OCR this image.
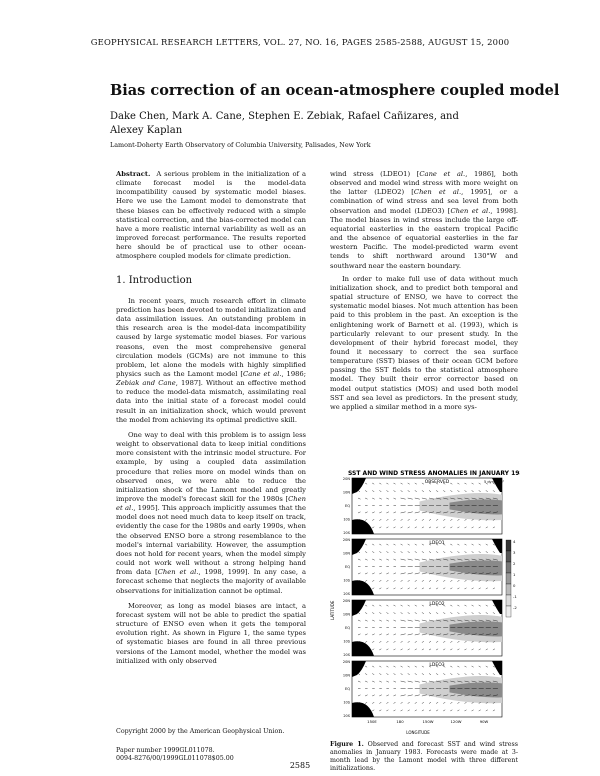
GEOPHYSICAL RESEARCH LETTERS, VOL. 27, NO. 16, PAGES 2585-2588, AUGUST 15, 2000
Bias correction of an ocean-atmosphere coupled model
Dake Chen, Mark A. Cane, Stephen E. Zebiak, Rafael Cañizares, and Alexey Kaplan
Lamont-Doherty Earth Observatory of Columbia University, Palisades, New York

Abstract. A serious problem in the initialization of a climate forecast model is the model-data incompatibility caused by systematic model biases. Here we use the Lamont model to demonstrate that these biases can be effectively reduced with a simple statistical correction, and the bias-corrected model can have a more realistic internal variability as well as an improved forecast performance. The results reported here should be of practical use to other ocean-atmosphere coupled models for climate prediction.

1. Introduction

In recent years, much research effort in climate prediction has been devoted to model initialization and data assimilation issues. An outstanding problem in this research area is the model-data incompatibility caused by large systematic model biases. For various reasons, even the most comprehensive general circulation models (GCMs) are not immune to this problem, let alone the models with highly simplified physics such as the Lamont model [Cane et al., 1986; Zebiak and Cane, 1987]. Without an effective method to reduce the model-data mismatch, assimilating real data into the initial state of a forecast model could result in an initialization shock, which would prevent the model from achieving its optimal predictive skill.

One way to deal with this problem is to assign less weight to observational data to keep initial conditions more consistent with the intrinsic model structure. For example, by using a coupled data assimilation procedure that relies more on model winds than on observed ones, we were able to reduce the initialization shock of the Lamont model and greatly improve the model's forecast skill for the 1980s [Chen et al., 1995]. This approach implicitly assumes that the model does not need much data to keep itself on track, evidently the case for the 1980s and early 1990s, when the observed ENSO bore a strong resemblance to the model's internal variability. However, the assumption does not hold for recent years, when the model simply could not work well without a strong helping hand from data [Chen et al., 1998, 1999]. In any case, a forecast scheme that neglects the majority of available observations for initialization cannot be optimal.

Moreover, as long as model biases are intact, a forecast system will not be able to predict the spatial structure of ENSO even when it gets the temporal evolution right. As shown in Figure 1, the same types of systematic biases are found in all three previous versions of the Lamont model, whether the model was initialized with only observed

wind stress (LDEO1) [Cane et al., 1986], both observed and model wind stress with more weight on the latter (LDEO2) [Chen et al., 1995], or a combination of wind stress and sea level from both observation and model (LDEO3) [Chen et al., 1998]. The model biases in wind stress include the large off-equatorial easterlies in the eastern tropical Pacific and the absence of equatorial easterlies in the far western Pacific. The model-predicted warm event tends to shift northward around 130°W and southward near the eastern boundary.

In order to make full use of data without much initialization shock, and to predict both temporal and spatial structure of ENSO, we have to correct the systematic model biases. Not much attention has been paid to this problem in the past. An exception is the enlightening work of Barnett et al. (1993), which is particularly relevant to our present study. In the development of their hybrid forecast model, they found it necessary to correct the sea surface temperature (SST) biases of their ocean GCM before passing the SST fields to the statistical atmosphere model. They built their error corrector based on model output statistics (MOS) and used both model SST and sea level as predictors. In the present study, we applied a similar method in a more sys-

SST AND WIND STRESS ANOMALIES IN JANUARY 1983
OBSERVED	5 dyne/cm²
20N
10N
EQ
10S
20S
LDEO1
20N
10N
EQ
10S
20S
LDEO2
20N
10N
EQ
10S
20S
LDEO3
20N
10N
EQ
10S
20S
150E	180	150W	120W	90W
4
3
2
1
0
-1
-2
LATITUDE
LONGITUDE
Figure 1. Observed and forecast SST and wind stress anomalies in January 1983. Forecasts were made at 3-month lead by the Lamont model with three different initializations.
Copyright 2000 by the American Geophysical Union.
Paper number 1999GL011078.
0094-8276/00/1999GL011078$05.00
2585
